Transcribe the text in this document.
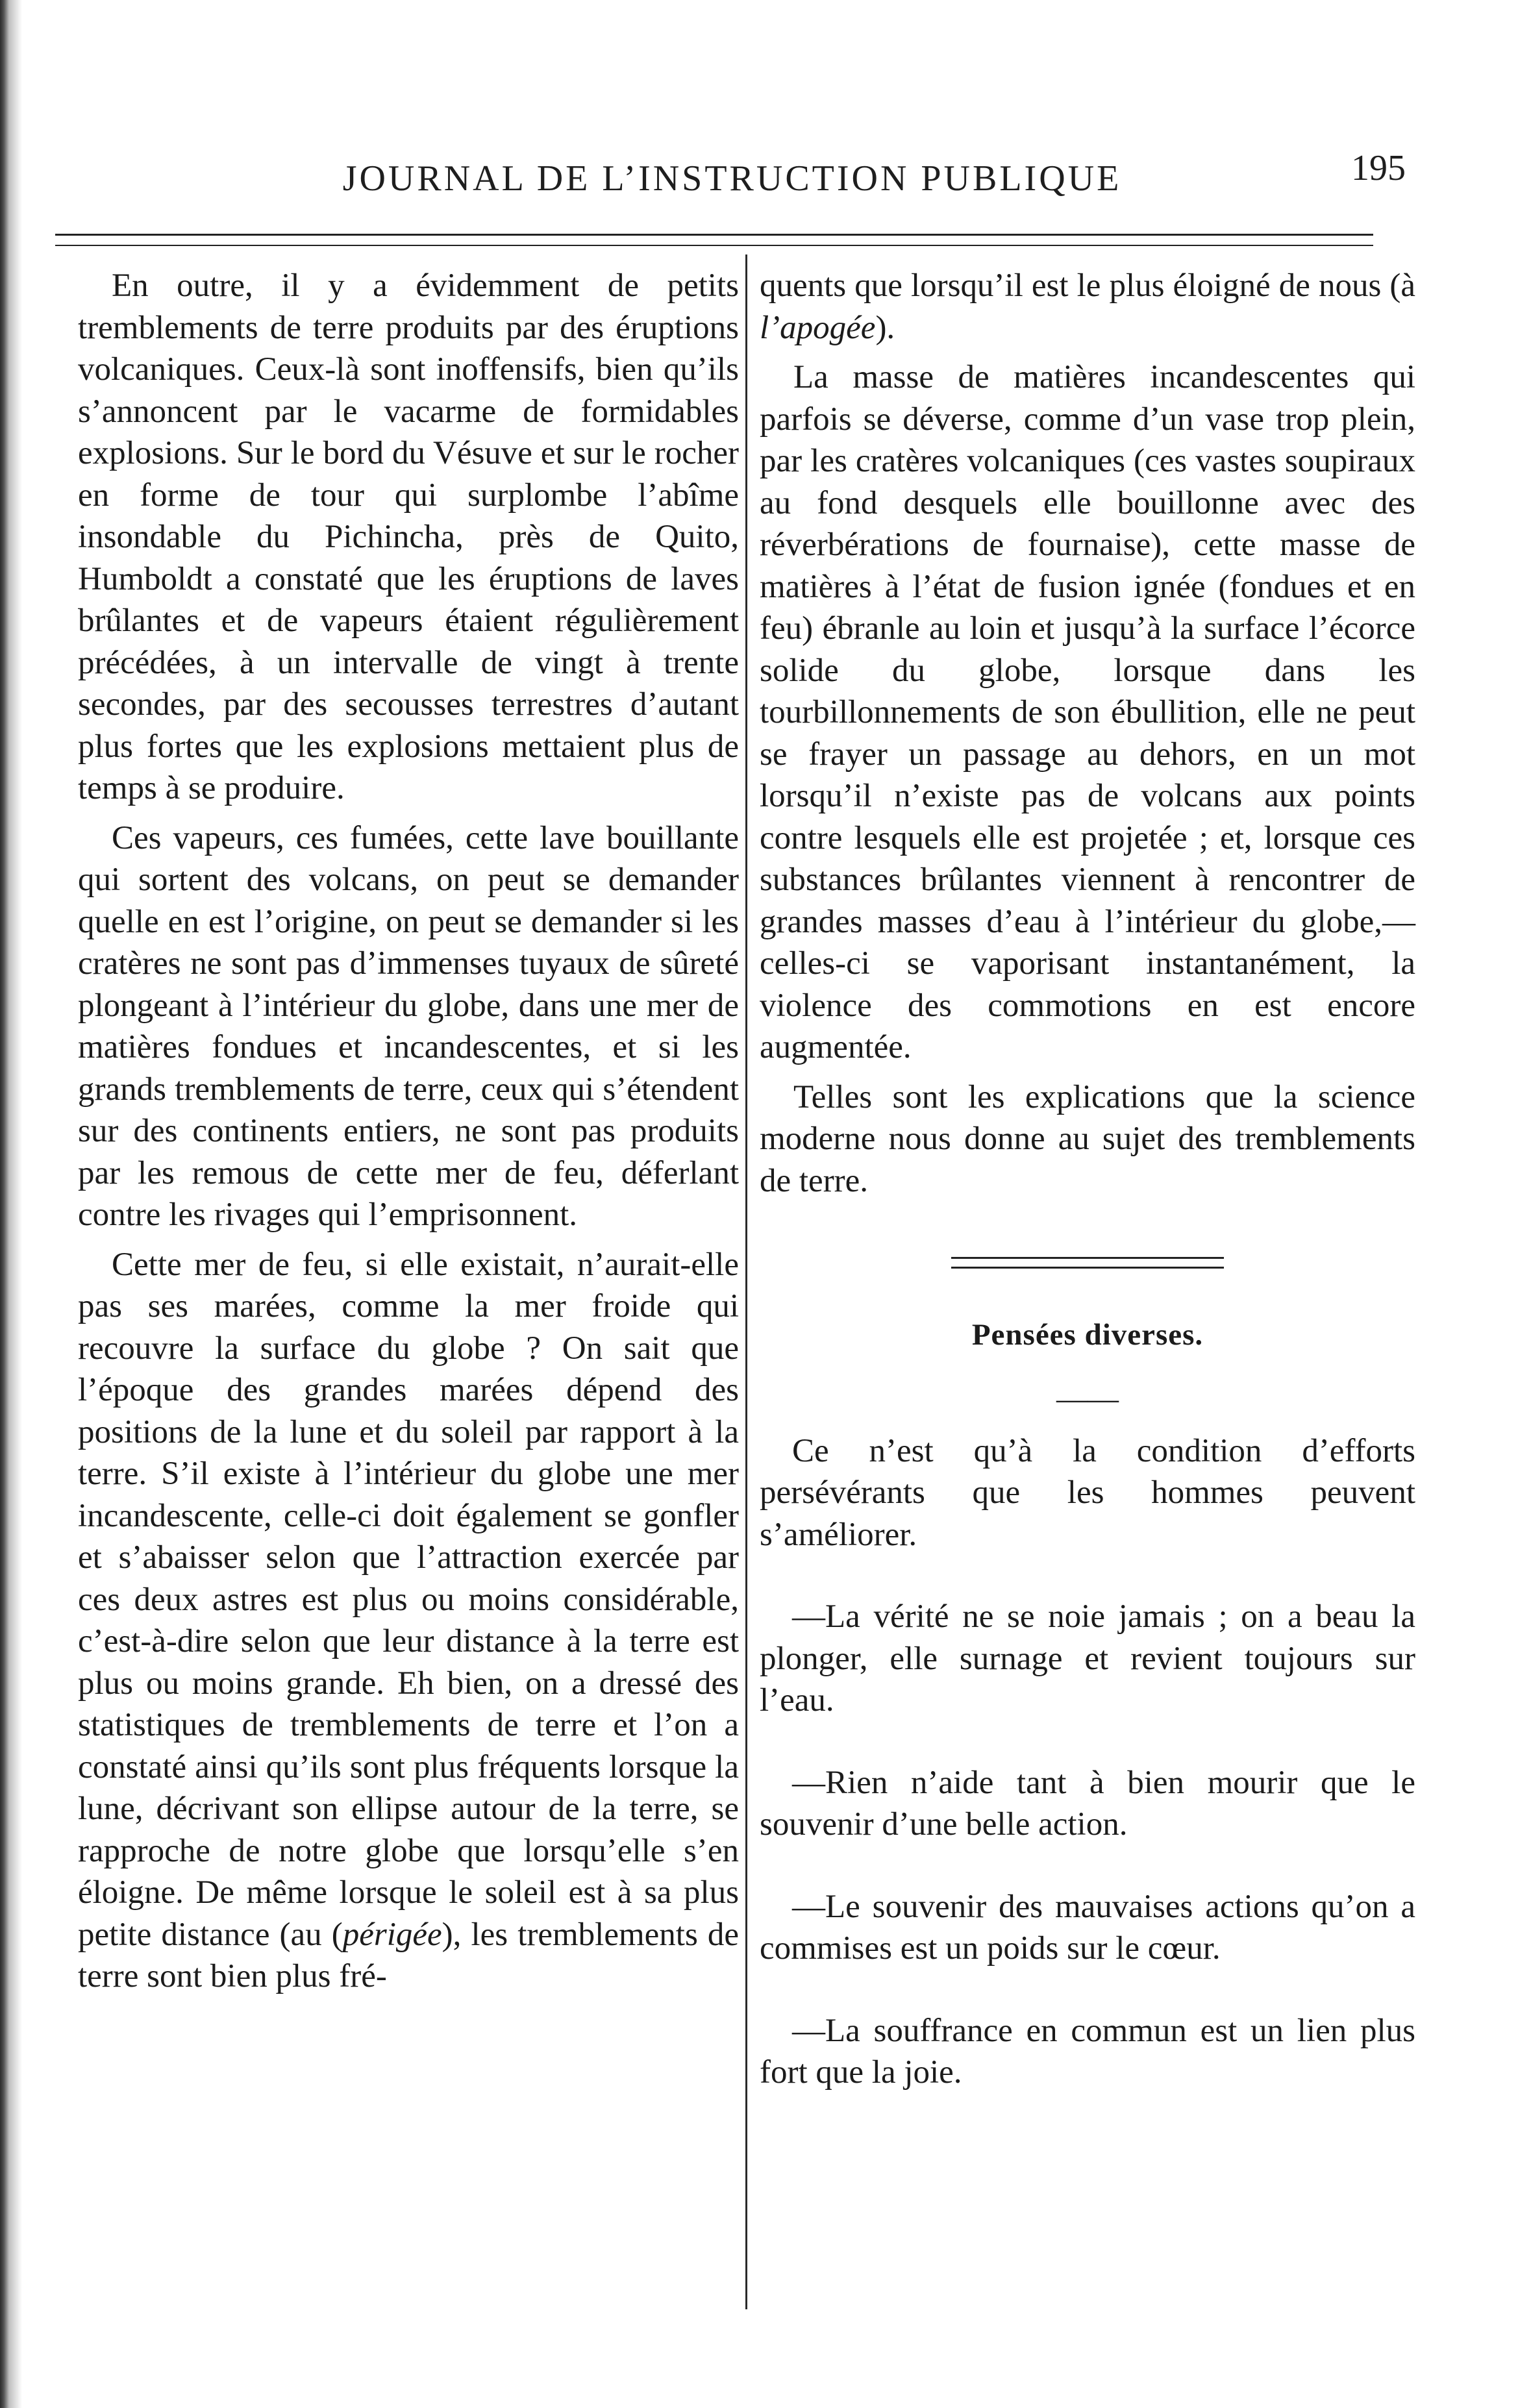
JOURNAL DE L’INSTRUCTION PUBLIQUE	195

En outre, il y a évidemment de petits tremblements de terre produits par des éruptions volcaniques. Ceux-là sont inoffensifs, bien qu’ils s’annoncent par le vacarme de formidables explosions. Sur le bord du Vésuve et sur le rocher en forme de tour qui surplombe l’abîme insondable du Pichincha, près de Quito, Humboldt a constaté que les éruptions de laves brûlantes et de vapeurs étaient régulièrement précédées, à un intervalle de vingt à trente secondes, par des secousses terrestres d’autant plus fortes que les explosions mettaient plus de temps à se produire.

Ces vapeurs, ces fumées, cette lave bouillante qui sortent des volcans, on peut se demander quelle en est l’origine, on peut se demander si les cratères ne sont pas d’immenses tuyaux de sûreté plongeant à l’intérieur du globe, dans une mer de matières fondues et incandescentes, et si les grands tremblements de terre, ceux qui s’étendent sur des continents entiers, ne sont pas produits par les remous de cette mer de feu, déferlant contre les rivages qui l’emprisonnent.

Cette mer de feu, si elle existait, n’aurait-elle pas ses marées, comme la mer froide qui recouvre la surface du globe ? On sait que l’époque des grandes marées dépend des positions de la lune et du soleil par rapport à la terre. S’il existe à l’intérieur du globe une mer incandescente, celle-ci doit également se gonfler et s’abaisser selon que l’attraction exercée par ces deux astres est plus ou moins considérable, c’est-à-dire selon que leur distance à la terre est plus ou moins grande. Eh bien, on a dressé des statistiques de tremblements de terre et l’on a constaté ainsi qu’ils sont plus fréquents lorsque la lune, décrivant son ellipse autour de la terre, se rapproche de notre globe que lorsqu’elle s’en éloigne. De même lorsque le soleil est à sa plus petite distance (au (périgée), les tremblements de terre sont bien plus fré-

quents que lorsqu’il est le plus éloigné de nous (à l’apogée).

La masse de matières incandescentes qui parfois se déverse, comme d’un vase trop plein, par les cratères volcaniques (ces vastes soupiraux au fond desquels elle bouillonne avec des réverbérations de fournaise), cette masse de matières à l’état de fusion ignée (fondues et en feu) ébranle au loin et jusqu’à la surface l’écorce solide du globe, lorsque dans les tourbillonnements de son ébullition, elle ne peut se frayer un passage au dehors, en un mot lorsqu’il n’existe pas de volcans aux points contre lesquels elle est projetée ; et, lorsque ces substances brûlantes viennent à rencontrer de grandes masses d’eau à l’intérieur du globe,—celles-ci se vaporisant instantanément, la violence des commotions en est encore augmentée.

Telles sont les explications que la science moderne nous donne au sujet des tremblements de terre.

Pensées diverses.
——

Ce n’est qu’à la condition d’efforts persévérants que les hommes peuvent s’améliorer.

—La vérité ne se noie jamais ; on a beau la plonger, elle surnage et revient toujours sur l’eau.

—Rien n’aide tant à bien mourir que le souvenir d’une belle action.

—Le souvenir des mauvaises actions qu’on a commises est un poids sur le cœur.

—La souffrance en commun est un lien plus fort que la joie.
